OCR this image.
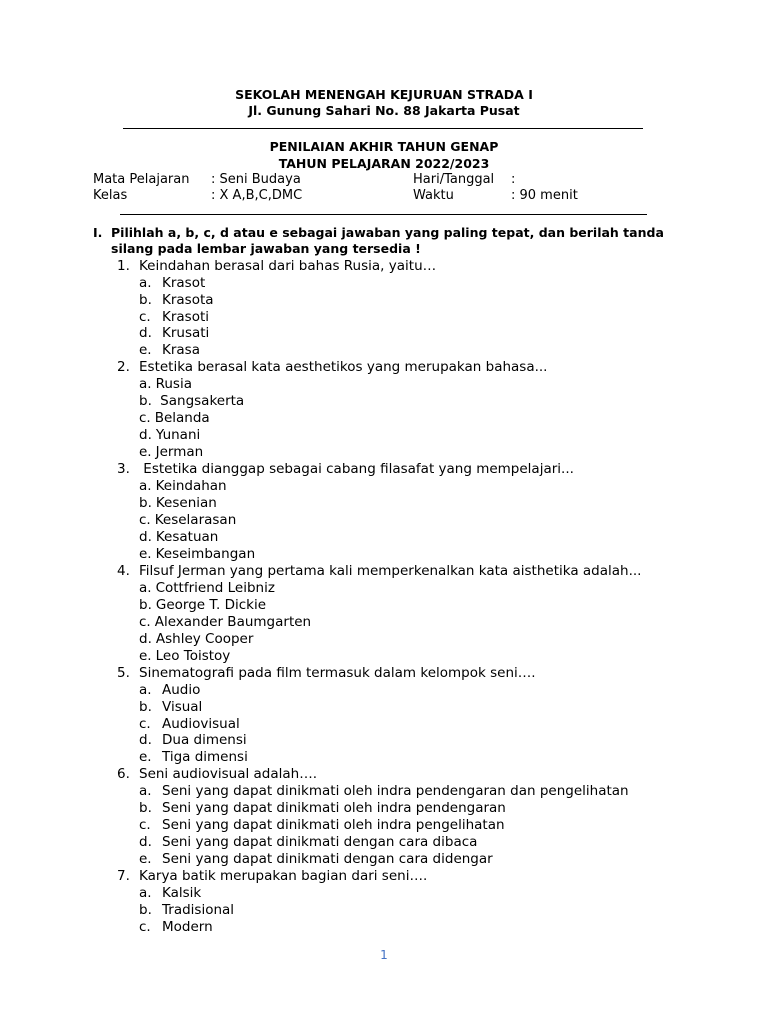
SEKOLAH MENENGAH KEJURUAN STRADA I
Jl. Gunung Sahari No. 88 Jakarta Pusat
PENILAIAN AKHIR TAHUN GENAP
TAHUN PELAJARAN 2022/2023
Mata Pelajaran : Seni Budaya	Hari/Tanggal :
Kelas	: X A,B,C,DMC	Waktu	: 90 menit
I. Pilihlah a, b, c, d atau e sebagai jawaban yang paling tepat, dan berilah tanda silang pada lembar jawaban yang tersedia !
1. Keindahan berasal dari bahas Rusia, yaitu…
a. Krasot
b. Krasota
c. Krasoti
d. Krusati
e. Krasa
2. Estetika berasal kata aesthetikos yang merupakan bahasa...
a. Rusia
b. Sangsakerta
c. Belanda
d. Yunani
e. Jerman
3. Estetika dianggap sebagai cabang filasafat yang mempelajari...
a. Keindahan
b. Kesenian
c. Keselarasan
d. Kesatuan
e. Keseimbangan
4. Filsuf Jerman yang pertama kali memperkenalkan kata aisthetika adalah...
a. Cottfriend Leibniz
b. George T. Dickie
c. Alexander Baumgarten
d. Ashley Cooper
e. Leo Toistoy
5. Sinematografi pada film termasuk dalam kelompok seni….
a. Audio
b. Visual
c. Audiovisual
d. Dua dimensi
e. Tiga dimensi
6. Seni audiovisual adalah….
a. Seni yang dapat dinikmati oleh indra pendengaran dan pengelihatan
b. Seni yang dapat dinikmati oleh indra pendengaran
c. Seni yang dapat dinikmati oleh indra pengelihatan
d. Seni yang dapat dinikmati dengan cara dibaca
e. Seni yang dapat dinikmati dengan cara didengar
7. Karya batik merupakan bagian dari seni….
a. Kalsik
b. Tradisional
c. Modern
1
